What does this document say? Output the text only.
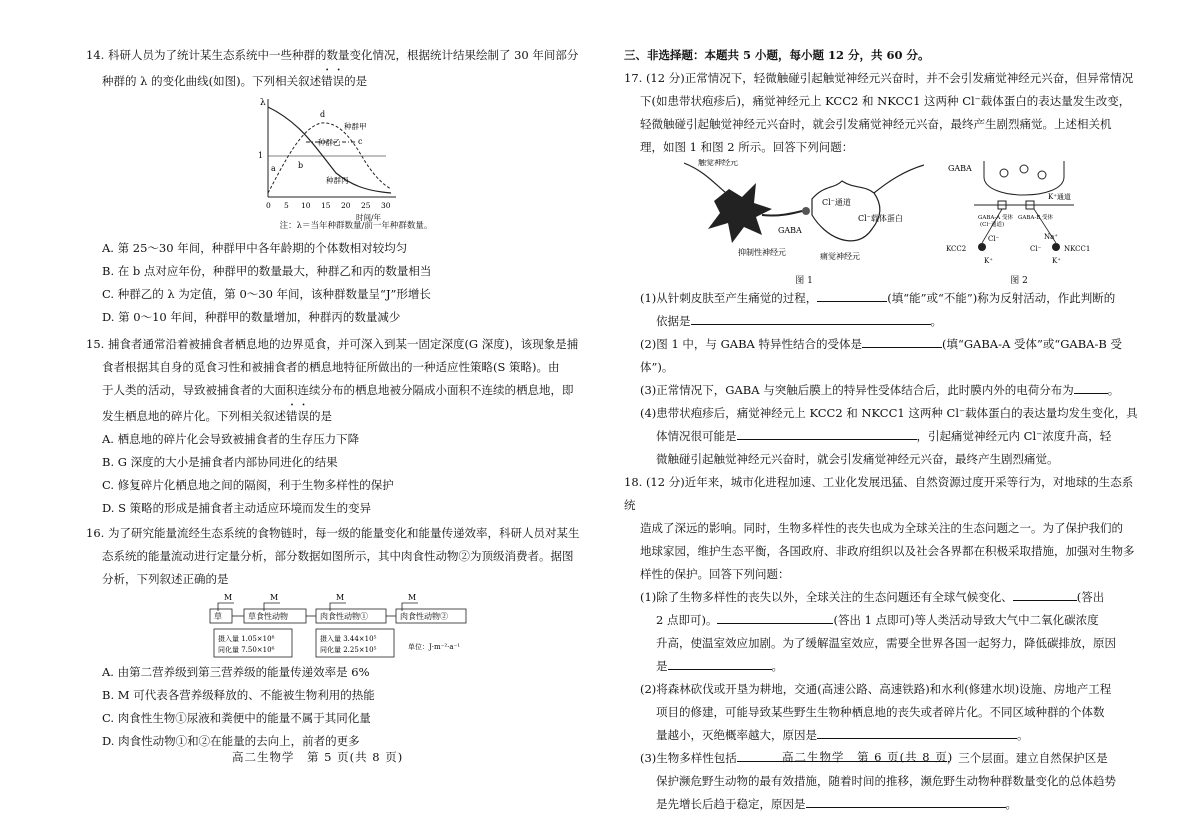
14. 科研人员为了统计某生态系统中一些种群的数量变化情况，根据统计结果绘制了 30 年间部分

种群的 λ 的变化曲线(如图)。下列相关叙述错误的是

λ
1
a	b
c
d
种群甲
种群乙
种群丙
0 5 10 15 20 25 30
时间/年
注：λ＝当年种群数量/前一年种群数量。

A. 第 25～30 年间，种群甲中各年龄期的个体数相对较均匀

B. 在 b 点对应年份，种群甲的数量最大，种群乙和丙的数量相当

C. 种群乙的 λ 为定值，第 0～30 年间，该种群数量呈“J”形增长

D. 第 0～10 年间，种群甲的数量增加，种群丙的数量减少

15. 捕食者通常沿着被捕食者栖息地的边界觅食，并可深入到某一固定深度(G 深度)，该现象是捕

食者根据其自身的觅食习性和被捕食者的栖息地特征所做出的一种适应性策略(S 策略)。由

于人类的活动，导致被捕食者的大面积连续分布的栖息地被分隔成小面积不连续的栖息地，即

发生栖息地的碎片化。下列相关叙述错误的是

A. 栖息地的碎片化会导致被捕食者的生存压力下降

B. G 深度的大小是捕食者内部协同进化的结果

C. 修复碎片化栖息地之间的隔阂，利于生物多样性的保护

D. S 策略的形成是捕食者主动适应环境而发生的变异

16. 为了研究能量流经生态系统的食物链时，每一级的能量变化和能量传递效率，科研人员对某生

态系统的能量流动进行定量分析，部分数据如图所示，其中肉食性动物②为顶级消费者。据图

分析，下列叙述正确的是

M	M	M	M
草	草食性动物	肉食性动物①	肉食性动物②
摄入量 1.05×10⁸
同化量 7.50×10⁶
摄入量 3.44×10⁵
同化量 2.25×10⁵	单位：J·m⁻²·a⁻¹

A. 由第二营养级到第三营养级的能量传递效率是 6%

B. M 可代表各营养级释放的、不能被生物利用的热能

C. 肉食性生物①尿液和粪便中的能量不属于其同化量

D. 肉食性动物①和②在能量的去向上，前者的更多

三、非选择题：本题共 5 小题，每小题 12 分，共 60 分。

17. (12 分)正常情况下，轻微触碰引起触觉神经元兴奋时，并不会引发痛觉神经元兴奋，但异常情况

下(如患带状疱疹后)，痛觉神经元上 KCC2 和 NKCC1 这两种 Cl⁻载体蛋白的表达量发生改变，

轻微触碰引起触觉神经元兴奋时，就会引发痛觉神经元兴奋，最终产生剧烈痛觉。上述相关机

理，如图 1 和图 2 所示。回答下列问题：

触觉神经元
Cl⁻通道
Cl⁻载体蛋白
GABA
抑制性神经元	痛觉神经元
图 1
GABA
K⁺通道
GABA-A 受体
(Cl⁻通道)
GABA-B 受体
KCC2
Cl⁻
K⁺
Na⁺
NKCC1
Cl⁻
K⁺
图 2

(1)从针刺皮肤至产生痛觉的过程，	(填“能”或“不能”)称为反射活动，作此判断的

依据是	。

(2)图 1 中，与 GABA 特异性结合的受体是	(填“GABA-A 受体”或“GABA-B 受体”)。

(3)正常情况下，GABA 与突触后膜上的特异性受体结合后，此时膜内外的电荷分布为	。

(4)患带状疱疹后，痛觉神经元上 KCC2 和 NKCC1 这两种 Cl⁻载体蛋白的表达量均发生变化，具

体情况很可能是	，引起痛觉神经元内 Cl⁻浓度升高，轻

微触碰引起触觉神经元兴奋时，就会引发痛觉神经元兴奋，最终产生剧烈痛觉。

18. (12 分)近年来，城市化进程加速、工业化发展迅猛、自然资源过度开采等行为，对地球的生态系统

造成了深远的影响。同时，生物多样性的丧失也成为全球关注的生态问题之一。为了保护我们的

地球家园，维护生态平衡，各国政府、非政府组织以及社会各界都在积极采取措施，加强对生物多

样性的保护。回答下列问题：

(1)除了生物多样性的丧失以外，全球关注的生态问题还有全球气候变化、	(答出

2 点即可)。	(答出 1 点即可)等人类活动导致大气中二氧化碳浓度

升高，使温室效应加剧。为了缓解温室效应，需要全世界各国一起努力，降低碳排放，原因

是	。

(2)将森林砍伐或开垦为耕地，交通(高速公路、高速铁路)和水利(修建水坝)设施、房地产工程

项目的修建，可能导致某些野生生物种栖息地的丧失或者碎片化。不同区域种群的个体数

量越小，灭绝概率越大，原因是	。

(3)生物多样性包括	，三个层面。建立自然保护区是

保护濒危野生动物的最有效措施，随着时间的推移，濒危野生动物种群数量变化的总体趋势

是先增长后趋于稳定，原因是	。

高二生物学　第 5 页(共 8 页)	高二生物学　第 6 页(共 8 页)
